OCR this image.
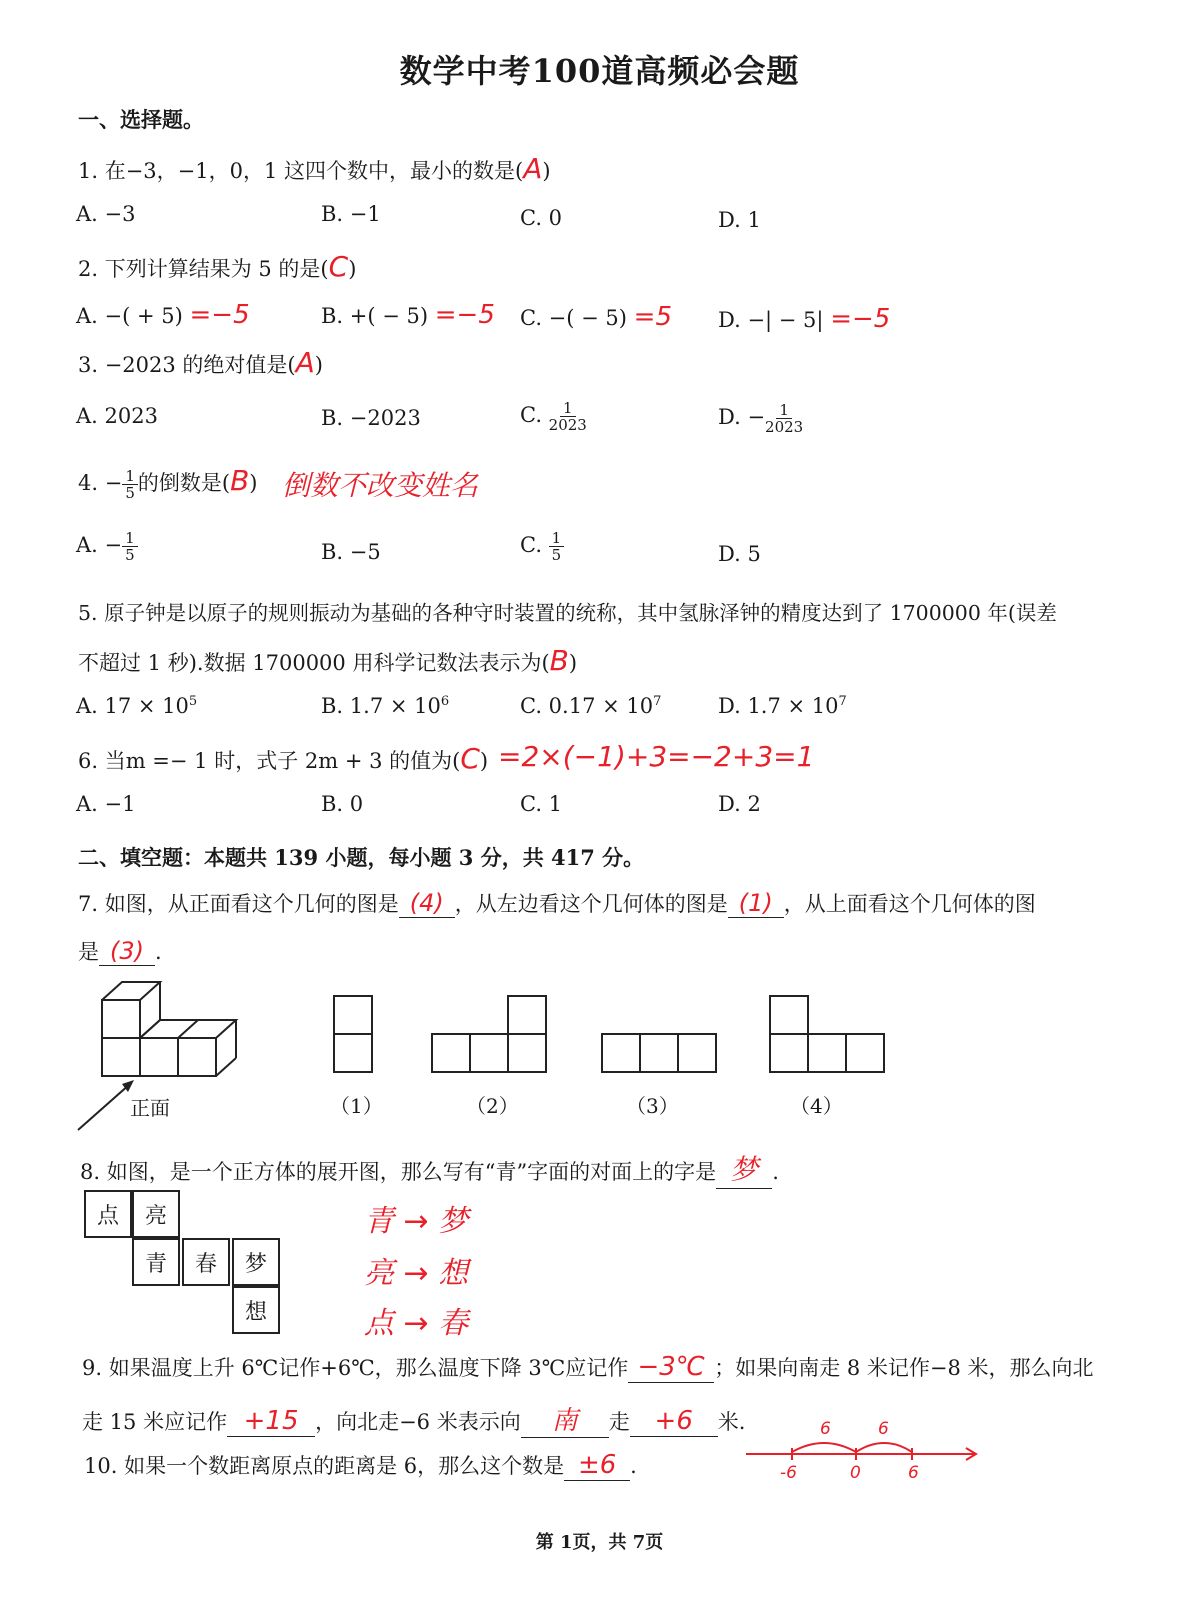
数学中考100道高频必会题
一、选择题。
1. 在−3，−1，0，1 这四个数中，最小的数是(A)
A. −3	B. −1	C. 0	D. 1
2. 下列计算结果为 5 的是(C)
A. −( + 5) =−5	B. +( − 5) =−5 C. −( − 5) =5 D. −| − 5| =−5
3. −2023 的绝对值是(A)
A. 2023	B. −2023	C. $\frac{1}{2023}$	D. − $\frac{1}{2023}$
4. − $\frac{1}{5}$ 的倒数是(B) 倒数不改变姓名
A. − $\frac{1}{5}$	B. −5	C. $\frac{1}{5}$	D. 5
5. 原子钟是以原子的规则振动为基础的各种守时装置的统称，其中氢脉泽钟的精度达到了 1700000 年(误差
不超过 1 秒).数据 1700000 用科学记数法表示为(B)
A. $17 \times 10^5$	B. $1.7 \times 10^6$	C. $0.17 \times 10^7$	D. $1.7 \times 10^7$
6. 当m =− 1 时，式子 2m + 3 的值为(C) =2×(−1)+3=−2+3=1
A. −1	B. 0	C. 1	D. 2
二、填空题：本题共 139 小题，每小题 3 分，共 417 分。
7. 如图，从正面看这个几何的图是 (4) ，从左边看这个几何体的图是 (1) ，从上面看这个几何体的图
是 (3) .
正面	（1）	（2）	（3）	（4）
8. 如图，是一个正方体的展开图，那么写有“青”字面的对面上的字是 梦 .
点	亮
青	春	梦
想
青 → 梦
亮 → 想
点 → 春
9. 如果温度上升 6℃记作+6℃，那么温度下降 3℃应记作 −3℃ ；如果向南走 8 米记作−8 米，那么向北
走 15 米应记作 +15 ，向北走−6 米表示向 南 走 +6 米.
10. 如果一个数距离原点的距离是 6，那么这个数是 ±6 .	-6	0	6
6	6
第 1页，共 7页
